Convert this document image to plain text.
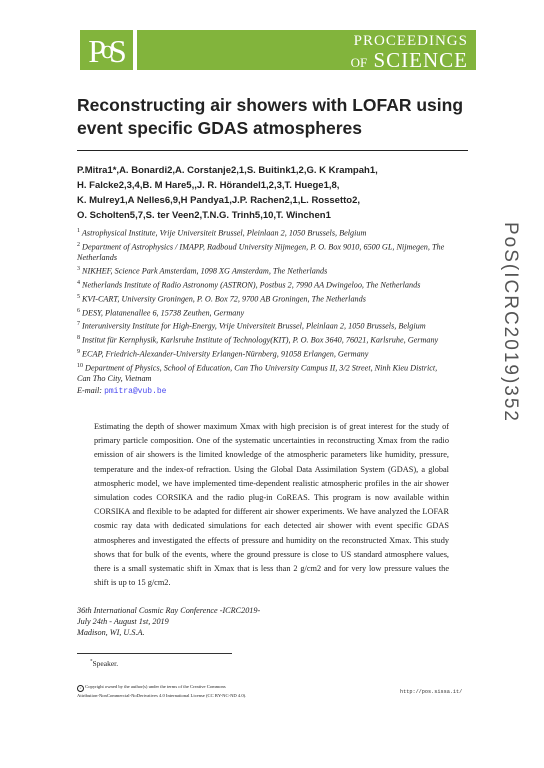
PoS	PROCEEDINGS
OF SCIENCE
Reconstructing air showers with LOFAR using event specific GDAS atmospheres
P.Mitra1*,A. Bonardi2,A. Corstanje2,1,S. Buitink1,2,G. K Krampah1,
H. Falcke2,3,4,B. M Hare5,,J. R. Hörandel1,2,3,T. Huege1,8,
K. Mulrey1,A Nelles6,9,H Pandya1,J.P. Rachen2,1,L. Rossetto2,
O. Scholten5,7,S. ter Veen2,T.N.G. Trinh5,10,T. Winchen1
$^1$ Astrophysical Institute, Vrije Universiteit Brussel, Pleinlaan 2, 1050 Brussels, Belgium
$^2$ Department of Astrophysics / IMAPP, Radboud University Nijmegen, P. O. Box 9010, 6500 GL, Nijmegen, The Netherlands
$^3$ NIKHEF, Science Park Amsterdam, 1098 XG Amsterdam, The Netherlands
$^4$ Netherlands Institute of Radio Astronomy (ASTRON), Postbus 2, 7990 AA Dwingeloo, The Netherlands
$^5$ KVI-CART, University Groningen, P. O. Box 72, 9700 AB Groningen, The Netherlands
$^6$ DESY, Platanenallee 6, 15738 Zeuthen, Germany
$^7$ Interuniversity Institute for High-Energy, Vrije Universiteit Brussel, Pleinlaan 2, 1050 Brussels, Belgium
$^8$ Institut für Kernphysik, Karlsruhe Institute of Technology(KIT), P. O. Box 3640, 76021, Karlsruhe, Germany
$^9$ ECAP, Friedrich-Alexander-University Erlangen-Nürnberg, 91058 Erlangen, Germany
$^{10}$ Department of Physics, School of Education, Can Tho University Campus II, 3/2 Street, Ninh Kieu District, Can Tho City, Vietnam
E-mail: pmitra@vub.be
Estimating the depth of shower maximum Xmax with high precision is of great interest for the study of primary particle composition. One of the systematic uncertainties in reconstructing Xmax from the radio emission of air showers is the limited knowledge of the atmospheric parameters like humidity, pressure, temperature and the index-of refraction. Using the Global Data Assimilation System (GDAS), a global atmospheric model, we have implemented time-dependent realistic atmospheric profiles in the air shower simulation codes CORSIKA and the radio plug-in CoREAS. This program is now available within CORSIKA and flexible to be adapted for different air shower experiments. We have analyzed the LOFAR cosmic ray data with dedicated simulations for each detected air shower with event specific GDAS atmospheres and investigated the effects of pressure and humidity on the reconstructed Xmax. This study shows that for bulk of the events, where the ground pressure is close to US standard atmosphere values, there is a small systematic shift in Xmax that is less than 2 g/cm2 and for very low pressure values the shift is up to 15 g/cm2.
36th International Cosmic Ray Conference -ICRC2019-
July 24th - August 1st, 2019
Madison, WI, U.S.A.
*Speaker.
c Copyright owned by the author(s) under the terms of the Creative Commons
Attribution-NonCommercial-NoDerivatives 4.0 International License (CC BY-NC-ND 4.0).
http://pos.sissa.it/
PoS(ICRC2019)352
